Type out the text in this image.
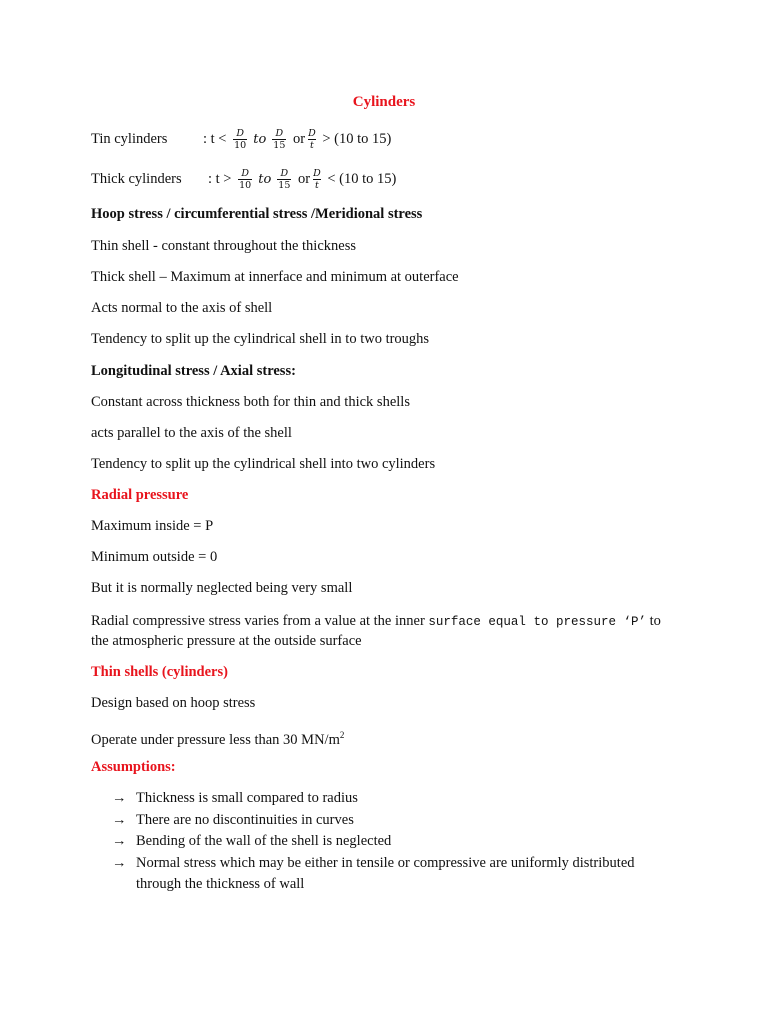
Cylinders
Tin cylinders : $t < \frac{D}{10}$ to $\frac{D}{15}$ or $\frac{D}{t} > (10$ to 15)
Thick cylinders : $t > \frac{D}{10}$ to $\frac{D}{15}$ or $\frac{D}{t} < (10$ to 15)
Hoop stress / circumferential stress /Meridional stress
Thin shell - constant throughout the thickness
Thick shell – Maximum at innerface and minimum at outerface
Acts normal to the axis of shell
Tendency to split up the cylindrical shell in to two troughs
Longitudinal stress / Axial stress:
Constant across thickness both for thin and thick shells
acts parallel to the axis of the shell
Tendency to split up the cylindrical shell into two cylinders
Radial pressure
Maximum inside = P
Minimum outside = 0
But it is normally neglected being very small
Radial compressive stress varies from a value at the inner surface equal to pressure ‘P’ to
the atmospheric pressure at the outside surface
Thin shells (cylinders)
Design based on hoop stress
Operate under pressure less than 30 $MN/m^2$
Assumptions:
→ Thickness is small compared to radius
→ There are no discontinuities in curves
→ Bending of the wall of the shell is neglected
→ Normal stress which may be either in tensile or compressive are uniformly distributed through the thickness of wall
